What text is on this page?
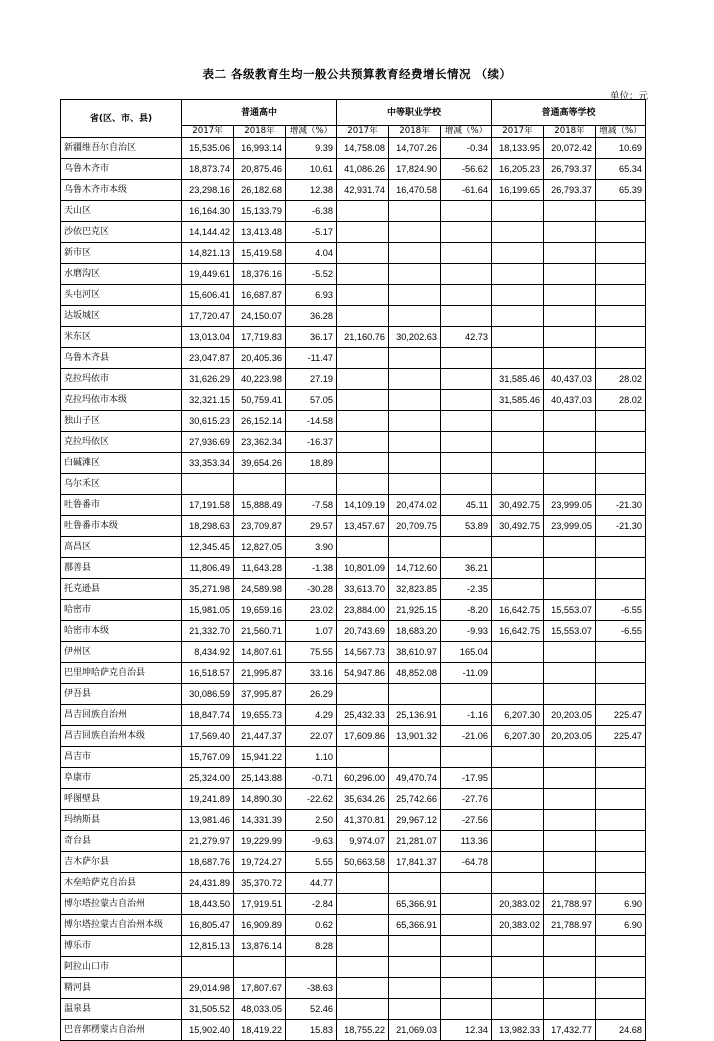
表二 各级教育生均一般公共预算教育经费增长情况 （续）
单位：元
省(区、市、县)	普通高中			中等职业学校			普通高等学校		
	2017年	2018年	增减（%）	2017年	2018年	增减（%）	2017年	2018年	增减（%）
新疆维吾尔自治区	15,535.06	16,993.14	9.39	14,758.08	14,707.26	-0.34	18,133.95	20,072.42	10.69
乌鲁木齐市	18,873.74	20,875.46	10.61	41,086.26	17,824.90	-56.62	16,205.23	26,793.37	65.34
乌鲁木齐市本级	23,298.16	26,182.68	12.38	42,931.74	16,470.58	-61.64	16,199.65	26,793.37	65.39
天山区	16,164.30	15,133.79	-6.38						
沙依巴克区	14,144.42	13,413.48	-5.17						
新市区	14,821.13	15,419.58	4.04						
水磨沟区	19,449.61	18,376.16	-5.52						
头屯河区	15,606.41	16,687.87	6.93						
达坂城区	17,720.47	24,150.07	36.28						
米东区	13,013.04	17,719.83	36.17	21,160.76	30,202.63	42.73			
乌鲁木齐县	23,047.87	20,405.36	-11.47						
克拉玛依市	31,626.29	40,223.98	27.19				31,585.46	40,437.03	28.02
克拉玛依市本级	32,321.15	50,759.41	57.05				31,585.46	40,437.03	28.02
独山子区	30,615.23	26,152.14	-14.58						
克拉玛依区	27,936.69	23,362.34	-16.37						
白碱滩区	33,353.34	39,654.26	18.89						
乌尔禾区									
吐鲁番市	17,191.58	15,888.49	-7.58	14,109.19	20,474.02	45.11	30,492.75	23,999.05	-21.30
吐鲁番市本级	18,298.63	23,709.87	29.57	13,457.67	20,709.75	53.89	30,492.75	23,999.05	-21.30
高昌区	12,345.45	12,827.05	3.90						
鄯善县	11,806.49	11,643.28	-1.38	10,801.09	14,712.60	36.21			
托克逊县	35,271.98	24,589.98	-30.28	33,613.70	32,823.85	-2.35			
哈密市	15,981.05	19,659.16	23.02	23,884.00	21,925.15	-8.20	16,642.75	15,553.07	-6.55
哈密市本级	21,332.70	21,560.71	1.07	20,743.69	18,683.20	-9.93	16,642.75	15,553.07	-6.55
伊州区	8,434.92	14,807.61	75.55	14,567.73	38,610.97	165.04			
巴里坤哈萨克自治县	16,518.57	21,995.87	33.16	54,947.86	48,852.08	-11.09			
伊吾县	30,086.59	37,995.87	26.29						
昌吉回族自治州	18,847.74	19,655.73	4.29	25,432.33	25,136.91	-1.16	6,207.30	20,203.05	225.47
昌吉回族自治州本级	17,569.40	21,447.37	22.07	17,609.86	13,901.32	-21.06	6,207.30	20,203.05	225.47
昌吉市	15,767.09	15,941.22	1.10						
阜康市	25,324.00	25,143.88	-0.71	60,296.00	49,470.74	-17.95			
呼图壁县	19,241.89	14,890.30	-22.62	35,634.26	25,742.66	-27.76			
玛纳斯县	13,981.46	14,331.39	2.50	41,370.81	29,967.12	-27.56			
奇台县	21,279.97	19,229.99	-9.63	9,974.07	21,281.07	113.36			
吉木萨尔县	18,687.76	19,724.27	5.55	50,663.58	17,841.37	-64.78			
木垒哈萨克自治县	24,431.89	35,370.72	44.77						
博尔塔拉蒙古自治州	18,443.50	17,919.51	-2.84		65,366.91		20,383.02	21,788.97	6.90
博尔塔拉蒙古自治州本级	16,805.47	16,909.89	0.62		65,366.91		20,383.02	21,788.97	6.90
博乐市	12,815.13	13,876.14	8.28						
阿拉山口市									
精河县	29,014.98	17,807.67	-38.63						
温泉县	31,505.52	48,033.05	52.46						
巴音郭楞蒙古自治州	15,902.40	18,419.22	15.83	18,755.22	21,069.03	12.34	13,982.33	17,432.77	24.68
